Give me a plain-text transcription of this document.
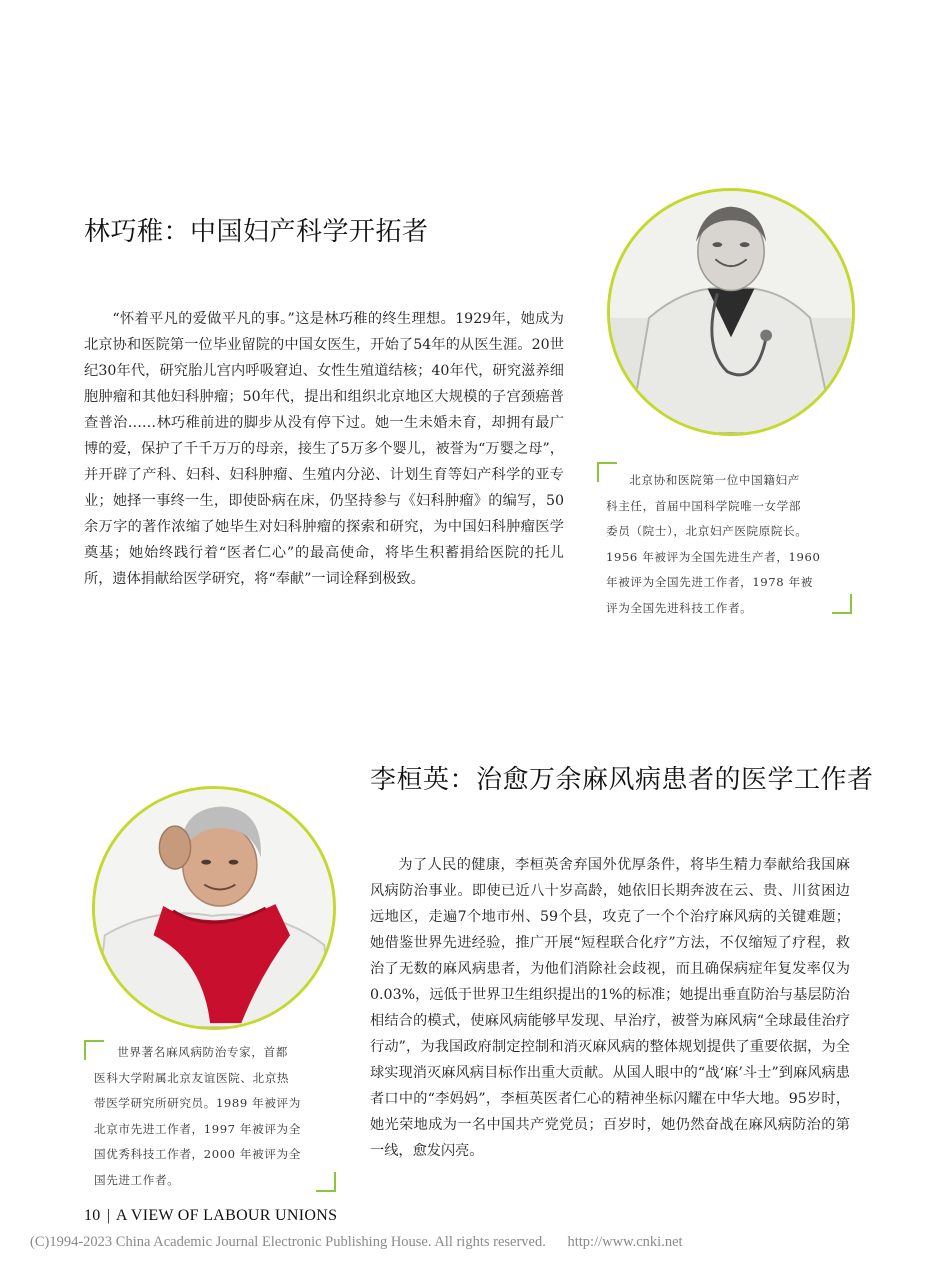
林巧稚：中国妇产科学开拓者
“怀着平凡的爱做平凡的事。”这是林巧稚的终生理想。1929年，她成为北京协和医院第一位毕业留院的中国女医生，开始了54年的从医生涯。20世纪30年代，研究胎儿宫内呼吸窘迫、女性生殖道结核；40年代，研究滋养细胞肿瘤和其他妇科肿瘤；50年代，提出和组织北京地区大规模的子宫颈癌普查普治……林巧稚前进的脚步从没有停下过。她一生未婚未育，却拥有最广博的爱，保护了千千万万的母亲，接生了5万多个婴儿，被誉为“万婴之母”，并开辟了产科、妇科、妇科肿瘤、生殖内分泌、计划生育等妇产科学的亚专业；她择一事终一生，即使卧病在床，仍坚持参与《妇科肿瘤》的编写，50余万字的著作浓缩了她毕生对妇科肿瘤的探索和研究，为中国妇科肿瘤医学奠基；她始终践行着“医者仁心”的最高使命，将毕生积蓄捐给医院的托儿所，遗体捐献给医学研究，将“奉献”一词诠释到极致。
北京协和医院第一位中国籍妇产
科主任，首届中国科学院唯一女学部
委员（院士），北京妇产医院原院长。
1956 年被评为全国先进生产者，1960
年被评为全国先进工作者，1978 年被
评为全国先进科技工作者。
世界著名麻风病防治专家，首都
医科大学附属北京友谊医院、北京热
带医学研究所研究员。1989 年被评为
北京市先进工作者，1997 年被评为全
国优秀科技工作者，2000 年被评为全
国先进工作者。
李桓英：治愈万余麻风病患者的医学工作者
为了人民的健康，李桓英舍弃国外优厚条件，将毕生精力奉献给我国麻风病防治事业。即使已近八十岁高龄，她依旧长期奔波在云、贵、川贫困边远地区，走遍7个地市州、59个县，攻克了一个个治疗麻风病的关键难题；她借鉴世界先进经验，推广开展“短程联合化疗”方法，不仅缩短了疗程，救治了无数的麻风病患者，为他们消除社会歧视，而且确保病症年复发率仅为0.03%，远低于世界卫生组织提出的1%的标准；她提出垂直防治与基层防治相结合的模式，使麻风病能够早发现、早治疗，被誉为麻风病“全球最佳治疗行动”，为我国政府制定控制和消灭麻风病的整体规划提供了重要依据，为全球实现消灭麻风病目标作出重大贡献。从国人眼中的“战‘麻’斗士”到麻风病患者口中的“李妈妈”，李桓英医者仁心的精神坐标闪耀在中华大地。95岁时，她光荣地成为一名中国共产党党员；百岁时，她仍然奋战在麻风病防治的第一线，愈发闪亮。
10 | A VIEW OF LABOUR UNIONS
(C)1994-2023 China Academic Journal Electronic Publishing House. All rights reserved. http://www.cnki.net
